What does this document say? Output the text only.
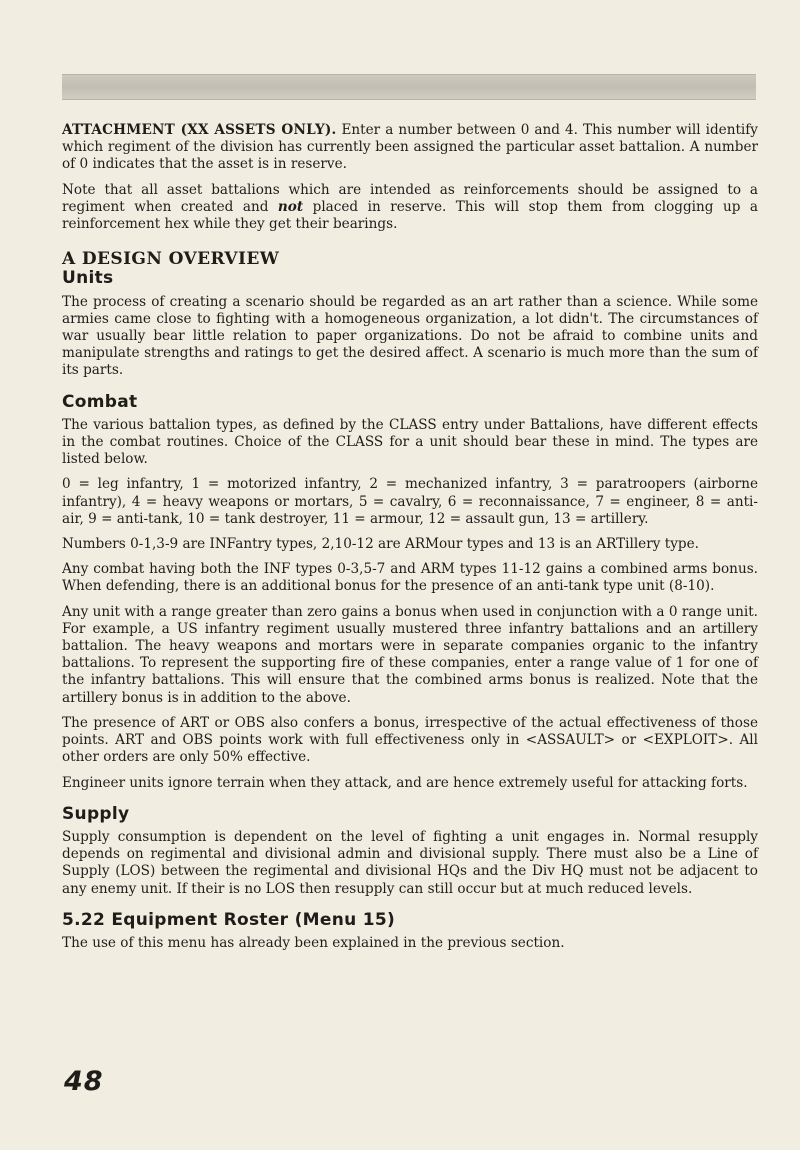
ATTACHMENT (XX ASSETS ONLY). Enter a number between 0 and 4. This number will identify which regiment of the division has currently been assigned the particular asset battalion. A number of 0 indicates that the asset is in reserve.

Note that all asset battalions which are intended as reinforcements should be assigned to a regiment when created and not placed in reserve. This will stop them from clogging up a reinforcement hex while they get their bearings.

A DESIGN OVERVIEW
Units

The process of creating a scenario should be regarded as an art rather than a science. While some armies came close to fighting with a homogeneous organization, a lot didn't. The circumstances of war usually bear little relation to paper organizations. Do not be afraid to combine units and manipulate strengths and ratings to get the desired affect. A scenario is much more than the sum of its parts.

Combat

The various battalion types, as defined by the CLASS entry under Battalions, have different effects in the combat routines. Choice of the CLASS for a unit should bear these in mind. The types are listed below.

0 = leg infantry, 1 = motorized infantry, 2 = mechanized infantry, 3 = paratroopers (airborne infantry), 4 = heavy weapons or mortars, 5 = cavalry, 6 = reconnaissance, 7 = engineer, 8 = anti-air, 9 = anti-tank, 10 = tank destroyer, 11 = armour, 12 = assault gun, 13 = artillery.

Numbers 0-1,3-9 are INFantry types, 2,10-12 are ARMour types and 13 is an ARTillery type.

Any combat having both the INF types 0-3,5-7 and ARM types 11-12 gains a combined arms bonus. When defending, there is an additional bonus for the presence of an anti-tank type unit (8-10).

Any unit with a range greater than zero gains a bonus when used in conjunction with a 0 range unit. For example, a US infantry regiment usually mustered three infantry battalions and an artillery battalion. The heavy weapons and mortars were in separate companies organic to the infantry battalions. To represent the supporting fire of these companies, enter a range value of 1 for one of the infantry battalions. This will ensure that the combined arms bonus is realized. Note that the artillery bonus is in addition to the above.

The presence of ART or OBS also confers a bonus, irrespective of the actual effectiveness of those points. ART and OBS points work with full effectiveness only in <ASSAULT> or <EXPLOIT>. All other orders are only 50% effective.

Engineer units ignore terrain when they attack, and are hence extremely useful for attacking forts.

Supply

Supply consumption is dependent on the level of fighting a unit engages in. Normal resupply depends on regimental and divisional admin and divisional supply. There must also be a Line of Supply (LOS) between the regimental and divisional HQs and the Div HQ must not be adjacent to any enemy unit. If their is no LOS then resupply can still occur but at much reduced levels.

5.22 Equipment Roster (Menu 15)

The use of this menu has already been explained in the previous section.

48
